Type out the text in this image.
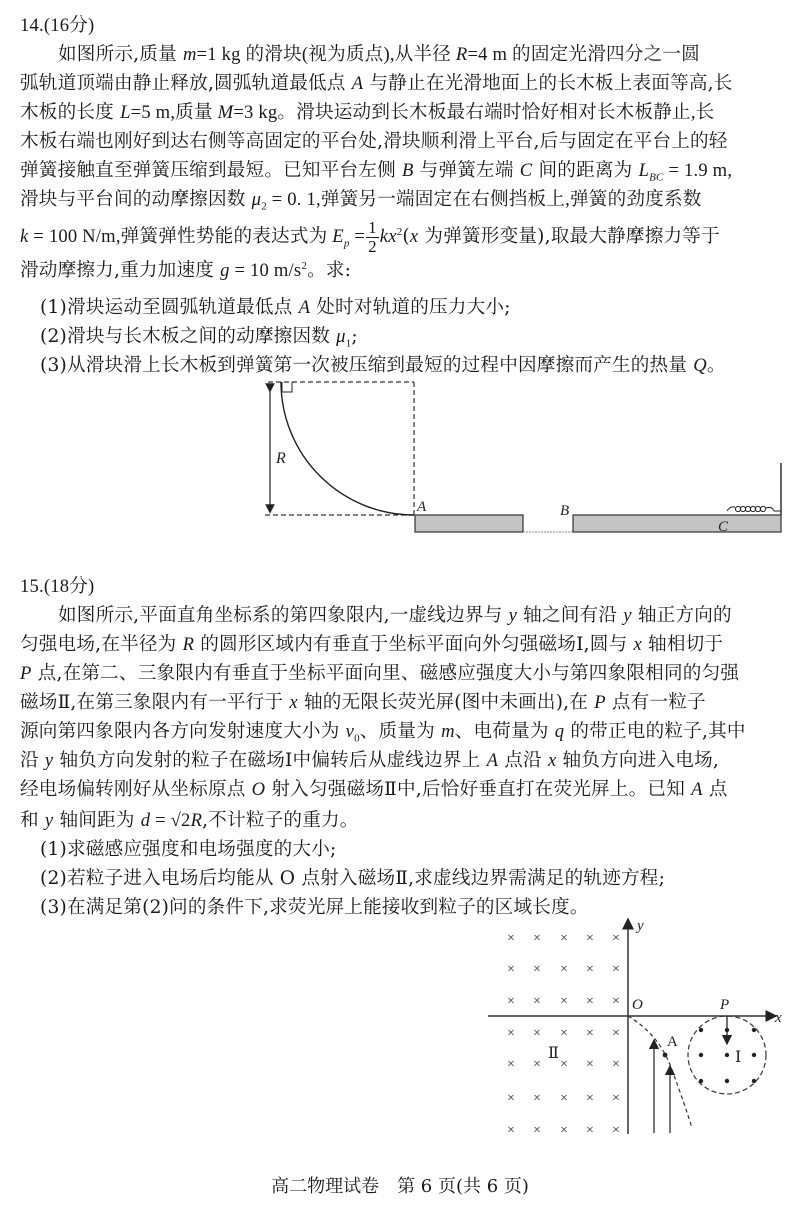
14.(16分)
如图所示,质量 m=1 kg 的滑块(视为质点),从半径 R=4 m 的固定光滑四分之一圆
弧轨道顶端由静止释放,圆弧轨道最低点 A 与静止在光滑地面上的长木板上表面等高,长
木板的长度 L=5 m,质量 M=3 kg。滑块运动到长木板最右端时恰好相对长木板静止,长
木板右端也刚好到达右侧等高固定的平台处,滑块顺利滑上平台,后与固定在平台上的轻
弹簧接触直至弹簧压缩到最短。已知平台左侧 B 与弹簧左端 C 间的距离为 $L_{BC} = 1.9$ m,
滑块与平台间的动摩擦因数 $\mu_2 = 0$. 1,弹簧另一端固定在右侧挡板上,弹簧的劲度系数
k = 100 N/m,弹簧弹性势能的表达式为 $E_p = \frac{1}{2} kx^2(x$ 为弹簧形变量),取最大静摩擦力等于
滑动摩擦力,重力加速度 g = 10 $m/s^2$。求:
(1)滑块运动至圆弧轨道最低点 A 处时对轨道的压力大小;
(2)滑块与长木板之间的动摩擦因数 $\mu_1$;
(3)从滑块滑上长木板到弹簧第一次被压缩到最短的过程中因摩擦而产生的热量 Q。
R
A	B
C
15.(18分)
如图所示,平面直角坐标系的第四象限内,一虚线边界与 y 轴之间有沿 y 轴正方向的
匀强电场,在半径为 R 的圆形区域内有垂直于坐标平面向外匀强磁场Ⅰ,圆与 x 轴相切于
P 点,在第二、三象限内有垂直于坐标平面向里、磁感应强度大小与第四象限相同的匀强
磁场Ⅱ,在第三象限内有一平行于 x 轴的无限长荧光屏(图中未画出),在 P 点有一粒子
源向第四象限内各方向发射速度大小为 $v_0$、质量为 m、电荷量为 q 的带正电的粒子,其中
沿 y 轴负方向发射的粒子在磁场Ⅰ中偏转后从虚线边界上 A 点沿 x 轴负方向进入电场,
经电场偏转刚好从坐标原点 O 射入匀强磁场Ⅱ中,后恰好垂直打在荧光屏上。已知 A 点
和 y 轴间距为 d = √2R,不计粒子的重力。
(1)求磁感应强度和电场强度的大小;
(2)若粒子进入电场后均能从 O 点射入磁场Ⅱ,求虚线边界需满足的轨迹方程;
(3)在满足第(2)问的条件下,求荧光屏上能接收到粒子的区域长度。
× × × × ×
× × × × ×
× × × × ×
× × × × ×
× × × × ×
× × × × ×
× × × × ×
y
x
O	P
Ⅱ
A
Ⅰ
高二物理试卷　第 6 页(共 6 页)
